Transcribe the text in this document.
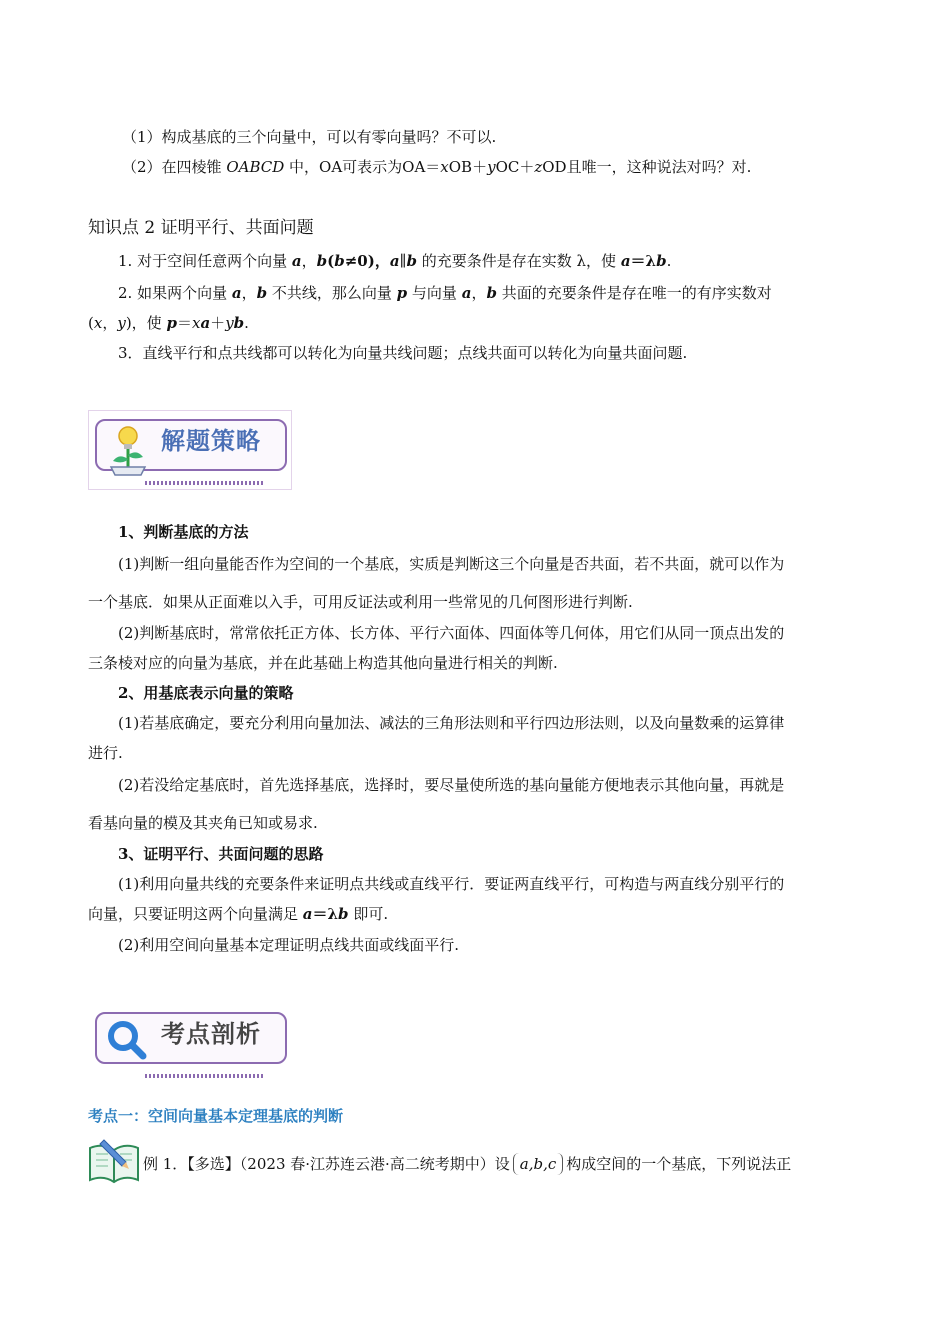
（1）构成基底的三个向量中，可以有零向量吗？不可以.
（2）在四棱锥 OABCD 中，OA可表示为OA＝xOB＋yOC＋zOD且唯一，这种说法对吗？对.
知识点 2 证明平行、共面问题
1. 对于空间任意两个向量 a，b(b≠0)，a∥b 的充要条件是存在实数 λ，使 a＝λb.
2. 如果两个向量 a，b 不共线，那么向量 p 与向量 a，b 共面的充要条件是存在唯一的有序实数对
(x，y)，使 p＝xa＋yb.
3．直线平行和点共线都可以转化为向量共线问题；点线共面可以转化为向量共面问题.
解题策略
1、判断基底的方法
(1)判断一组向量能否作为空间的一个基底，实质是判断这三个向量是否共面，若不共面，就可以作为
一个基底．如果从正面难以入手，可用反证法或利用一些常见的几何图形进行判断.
(2)判断基底时，常常依托正方体、长方体、平行六面体、四面体等几何体，用它们从同一顶点出发的
三条棱对应的向量为基底，并在此基础上构造其他向量进行相关的判断.
2、用基底表示向量的策略
(1)若基底确定，要充分利用向量加法、减法的三角形法则和平行四边形法则，以及向量数乘的运算律
进行.
(2)若没给定基底时，首先选择基底，选择时，要尽量使所选的基向量能方便地表示其他向量，再就是
看基向量的模及其夹角已知或易求.
3、证明平行、共面问题的思路
(1)利用向量共线的充要条件来证明点共线或直线平行．要证两直线平行，可构造与两直线分别平行的
向量，只要证明这两个向量满足 a＝λb 即可.
(2)利用空间向量基本定理证明点线共面或线面平行.
考点剖析
考点一：空间向量基本定理基底的判断
例 1．【多选】（2023 春·江苏连云港·高二统考期中）设 a,b,c 构成空间的一个基底，下列说法正
